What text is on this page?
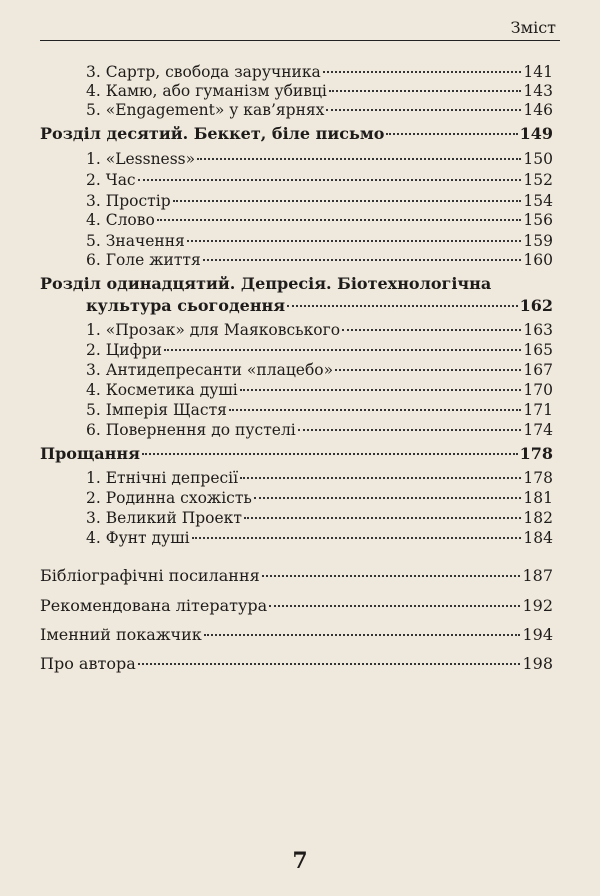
Зміст
3. Сартр, свобода заручника	141
4. Камю, або гуманізм убивці	143
5. «Engagement» у кав’ярнях	146
Розділ десятий. Беккет, біле письмо	149
1. «Lessness»	150
2. Час	152
3. Простір	154
4. Слово	156
5. Значення	159
6. Голе життя	160
Розділ одинадцятий. Депресія. Біотехнологічна
культура сьогодення	162
1. «Прозак» для Маяковського	163
2. Цифри	165
3. Антидепресанти «плацебо»	167
4. Косметика душі	170
5. Імперія Щастя	171
6. Повернення до пустелі	174
Прощання	178
1. Етнічні депресії	178
2. Родинна схожість	181
3. Великий Проект	182
4. Фунт душі	184
Бібліографічні посилання	187
Рекомендована література	192
Іменний покажчик	194
Про автора	198
7
